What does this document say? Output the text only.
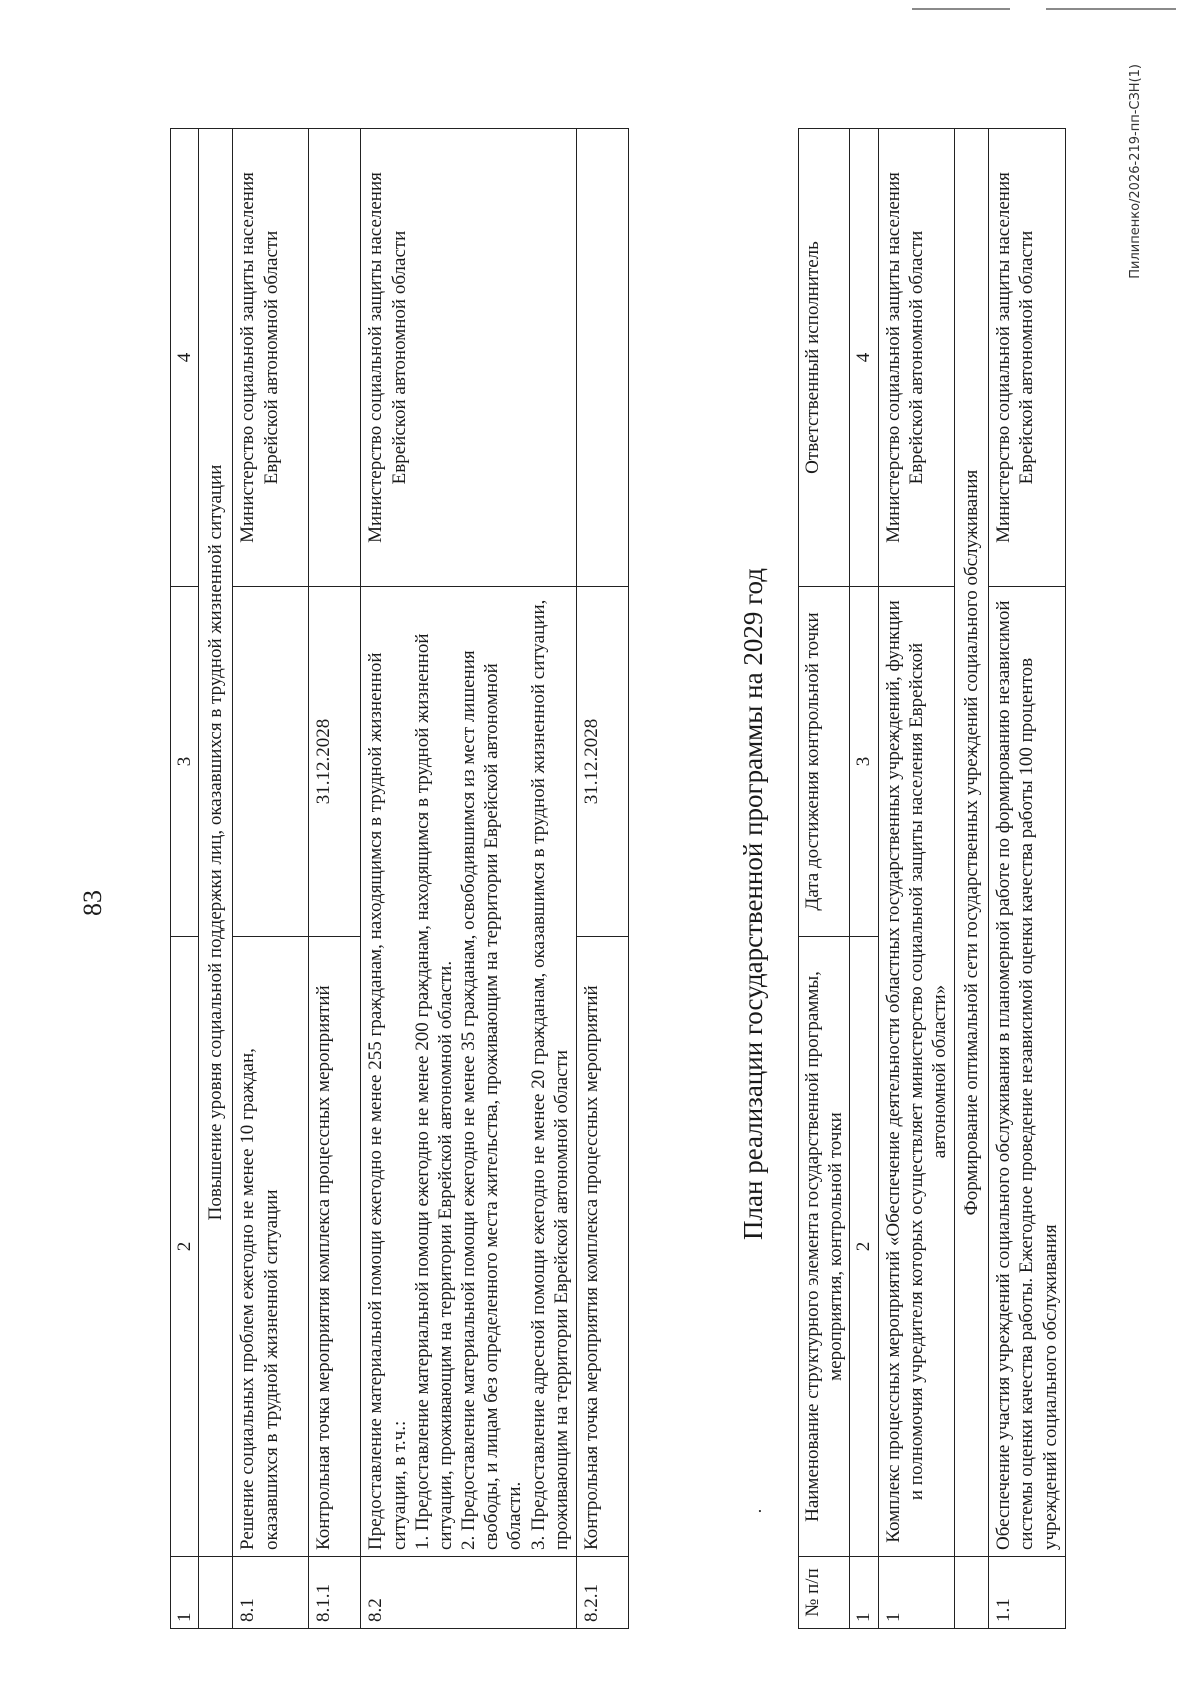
83
1	2	3	4
	Повышение уровня социальной поддержки лиц, оказавшихся в трудной жизненной ситуации		
8.1	Решение социальных проблем ежегодно не менее 10 граждан, оказавшихся в трудной жизненной ситуации		Министерство социальной защиты населения Еврейской автономной области
8.1.1	Контрольная точка мероприятия комплекса процессных мероприятий	31.12.2028	
8.2	Предоставление материальной помощи ежегодно не менее 255 гражданам, находящимся в трудной жизненной ситуации, в т.ч.:
1. Предоставление материальной помощи ежегодно не менее 200 гражданам, находящимся в трудной жизненной ситуации, проживающим на территории Еврейской автономной области.
2. Предоставление материальной помощи ежегодно не менее 35 гражданам, освободившимся из мест лишения свободы, и лицам без определенного места жительства, проживающим на территории Еврейской автономной области.
3. Предоставление адресной помощи ежегодно не менее 20 гражданам, оказавшимся в трудной жизненной ситуации, проживающим на территории Еврейской автономной области		Министерство социальной защиты населения Еврейской автономной области
8.2.1	Контрольная точка мероприятия комплекса процессных мероприятий	31.12.2028	
·
План реализации государственной программы на 2029 год
№ п/п	Наименование структурного элемента государственной программы, мероприятия, контрольной точки	Дата достижения контрольной точки	Ответственный исполнитель
1	2	3	4
1	Комплекс процессных мероприятий «Обеспечение деятельности областных государственных учреждений, функции и полномочия учредителя которых осуществляет министерство социальной защиты населения Еврейской автономной области»		Министерство социальной защиты населения Еврейской автономной области
	Формирование оптимальной сети государственных учреждений социального обслуживания		
1.1	Обеспечение участия учреждений социального обслуживания в планомерной работе по формированию независимой системы оценки качества работы. Ежегодное проведение независимой оценки качества работы 100 процентов учреждений социального обслуживания		Министерство социальной защиты населения Еврейской автономной области
Пилипенко/2026-219-пп-СЗН(1)
